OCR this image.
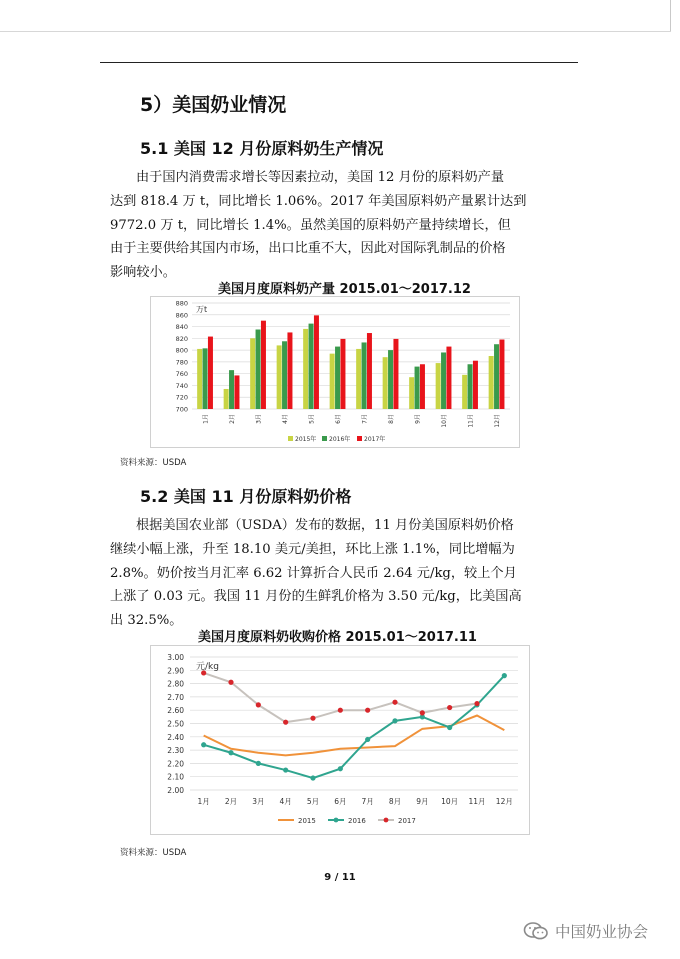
5）美国奶业情况
5.1 美国 12 月份原料奶生产情况
由于国内消费需求增长等因素拉动，美国 12 月份的原料奶产量
达到 818.4 万 t，同比增长 1.06%。2017 年美国原料奶产量累计达到
9772.0 万 t，同比增长 1.4%。虽然美国的原料奶产量持续增长，但
由于主要供给其国内市场，出口比重不大，因此对国际乳制品的价格
影响较小。
美国月度原料奶产量 2015.01～2017.12
700
720
740
760
780
800
820
840
860
880
1月	2月	3月	4月	5月	6月	7月	8月	9月	10月	11月	12月
万t
2015年 2016年 2017年
资料来源：USDA
5.2 美国 11 月份原料奶价格
根据美国农业部（USDA）发布的数据，11 月份美国原料奶价格
继续小幅上涨，升至 18.10 美元/美担，环比上涨 1.1%，同比增幅为
2.8%。奶价按当月汇率 6.62 计算折合人民币 2.64 元/kg，较上个月
上涨了 0.03 元。我国 11 月份的生鲜乳价格为 3.50 元/kg，比美国高
出 32.5%。
美国月度原料奶收购价格 2015.01～2017.11
2.00
2.10
2.20
2.30
2.40
2.50
2.60
2.70
2.80
2.90
3.00
1月 2月 3月 4月 5月 6月 7月 8月 9月 10月 11月 12月
元/kg
2015	2016	2017
资料来源：USDA
9 / 11
中国奶业协会
